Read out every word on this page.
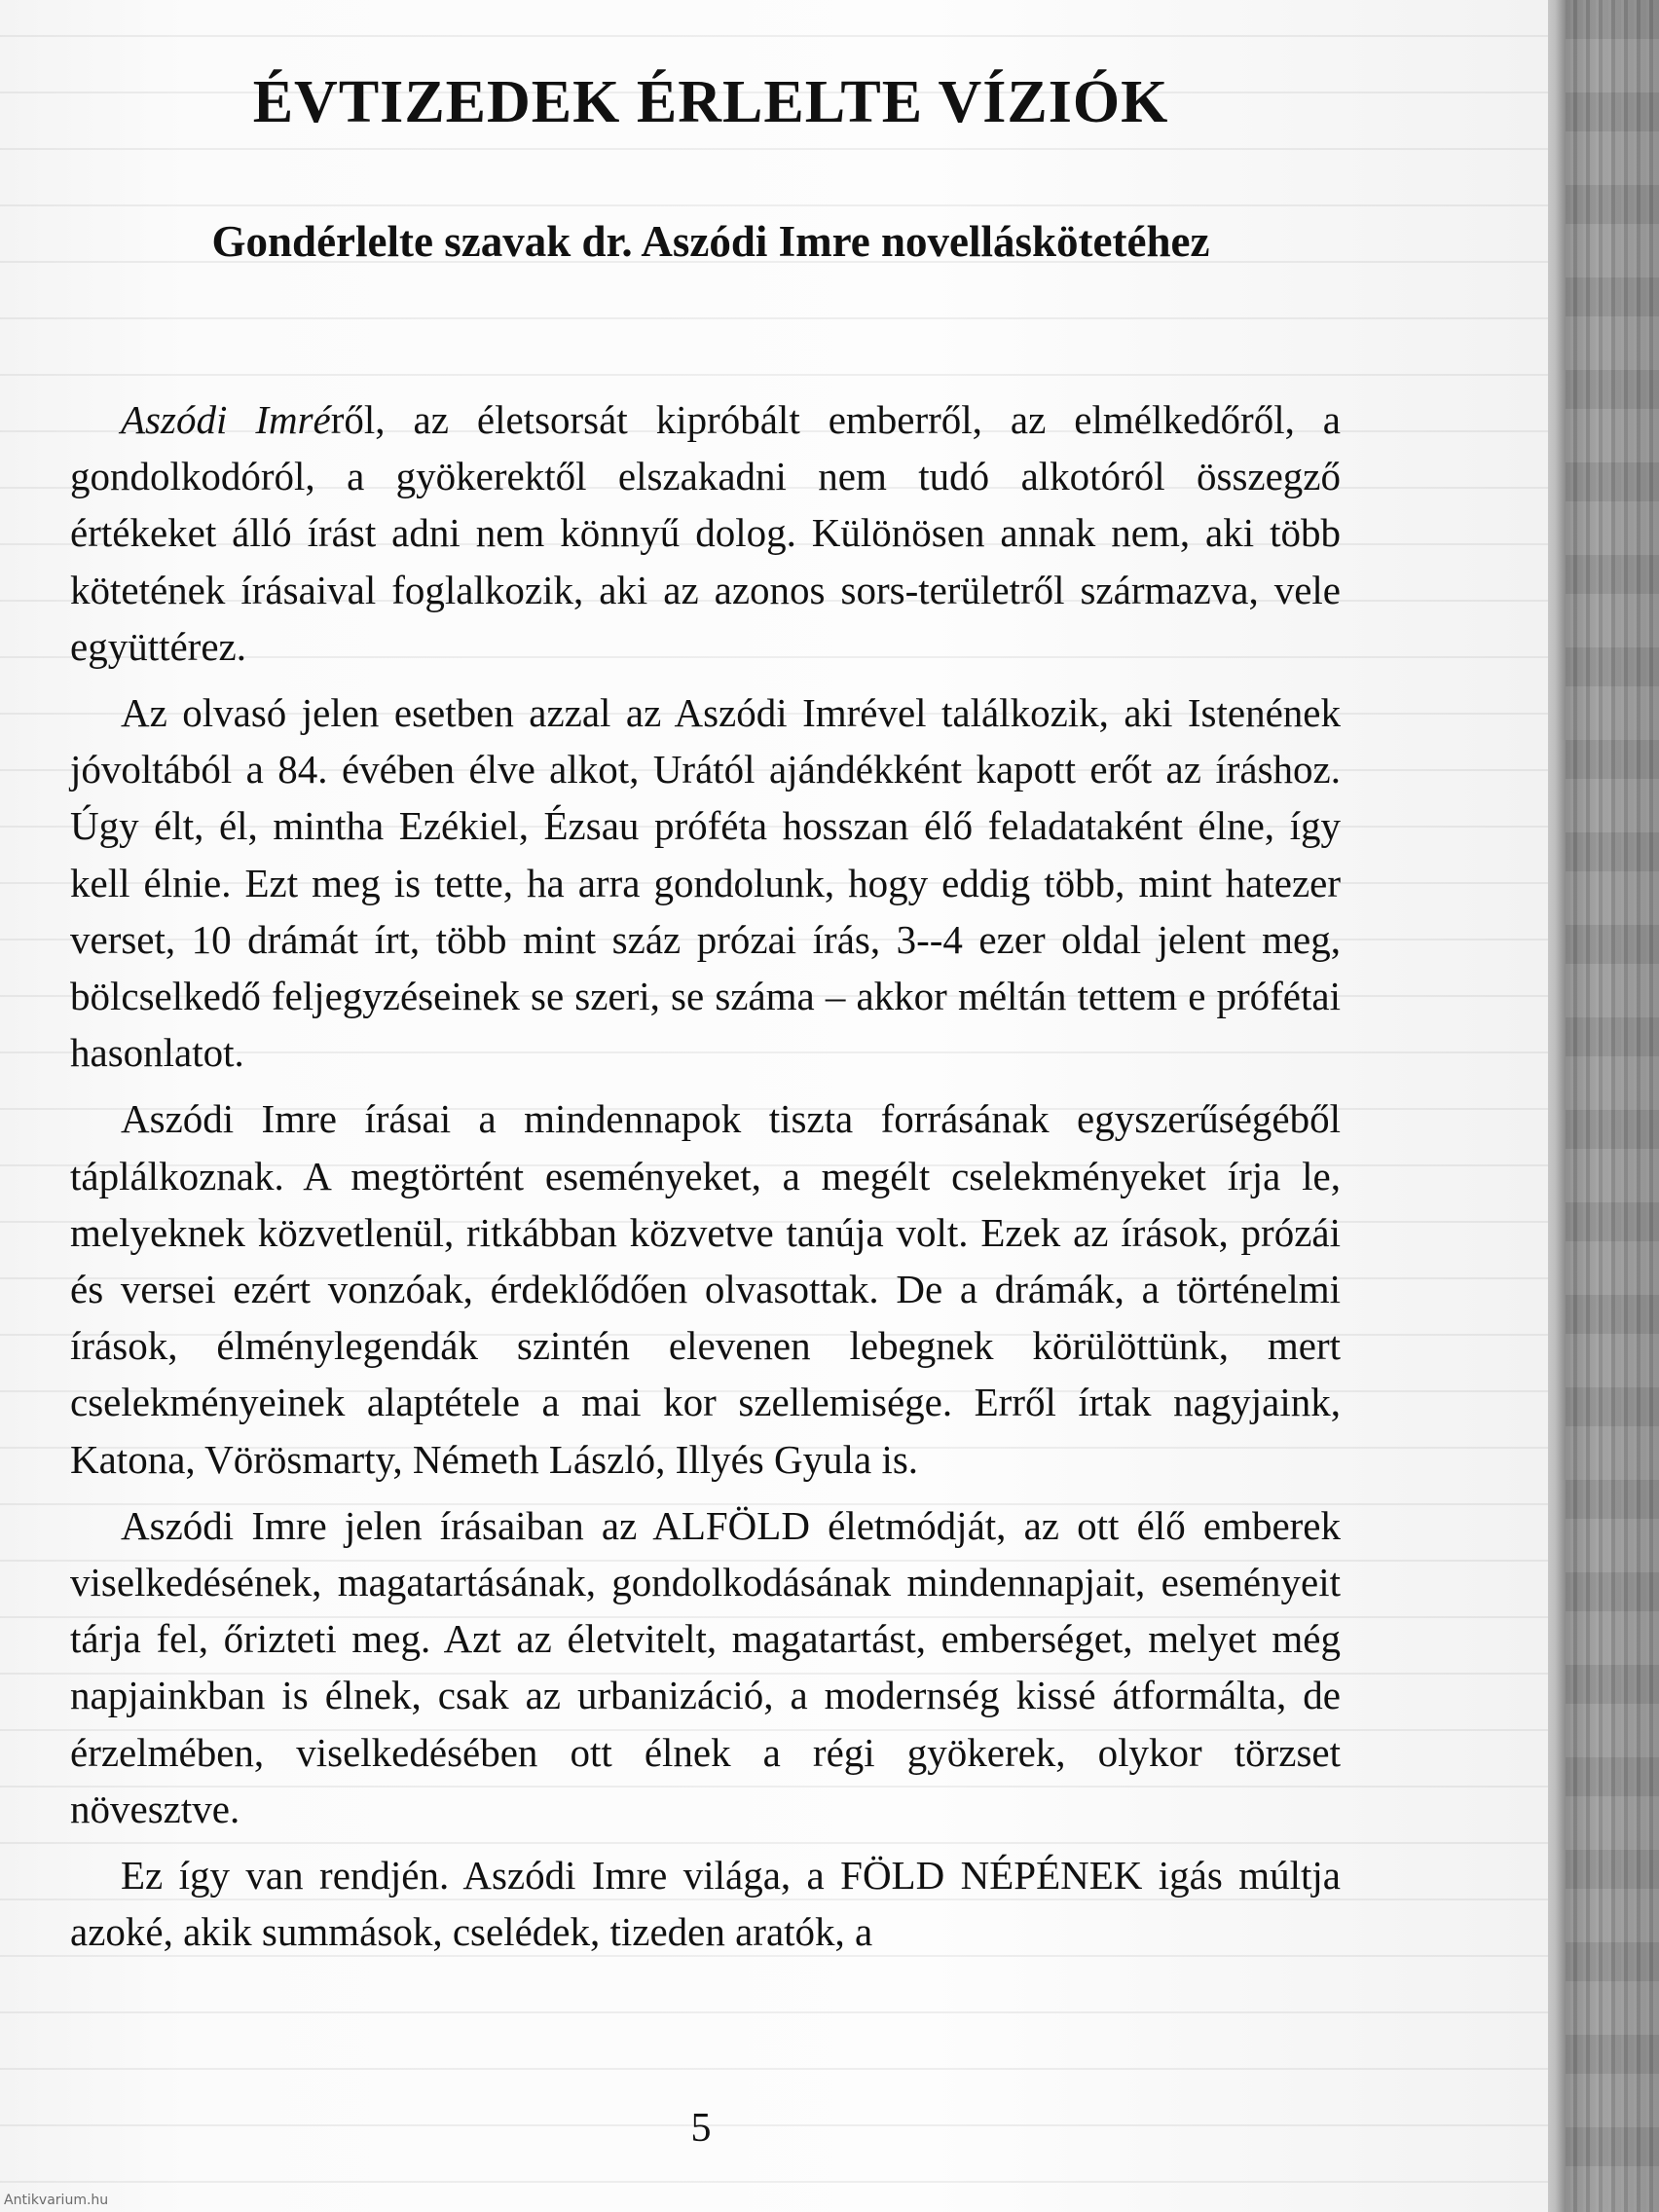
ÉVTIZEDEK ÉRLELTE VÍZIÓK
Gondérlelte szavak dr. Aszódi Imre novelláskötetéhez

Aszódi Imréről, az életsorsát kipróbált emberről, az elmélkedőről, a gondolkodóról, a gyökerektől elszakadni nem tudó alkotóról összegző értékeket álló írást adni nem könnyű dolog. Különösen annak nem, aki több kötetének írásaival foglalkozik, aki az azonos sors-területről származva, vele együttérez.

Az olvasó jelen esetben azzal az Aszódi Imrével találkozik, aki Istenének jóvoltából a 84. évében élve alkot, Urától ajándékként kapott erőt az íráshoz. Úgy élt, él, mintha Ezékiel, Ézsau próféta hosszan élő feladataként élne, így kell élnie. Ezt meg is tette, ha arra gondolunk, hogy eddig több, mint hatezer verset, 10 drámát írt, több mint száz prózai írás, 3--4 ezer oldal jelent meg, bölcselkedő feljegyzéseinek se szeri, se száma – akkor méltán tettem e prófétai hasonlatot.

Aszódi Imre írásai a mindennapok tiszta forrásának egyszerűségéből táplálkoznak. A megtörtént eseményeket, a megélt cselekményeket írja le, melyeknek közvetlenül, ritkábban közvetve tanúja volt. Ezek az írások, prózái és versei ezért vonzóak, érdeklődően olvasottak. De a drámák, a történelmi írások, élménylegendák szintén elevenen lebegnek körülöttünk, mert cselekményeinek alaptétele a mai kor szellemisége. Erről írtak nagyjaink, Katona, Vörösmarty, Németh László, Illyés Gyula is.

Aszódi Imre jelen írásaiban az ALFÖLD életmódját, az ott élő emberek viselkedésének, magatartásának, gondolkodásának mindennapjait, eseményeit tárja fel, őrizteti meg. Azt az életvitelt, magatartást, emberséget, melyet még napjainkban is élnek, csak az urbanizáció, a modernség kissé átformálta, de érzelmében, viselkedésében ott élnek a régi gyökerek, olykor törzset növesztve.

Ez így van rendjén. Aszódi Imre világa, a FÖLD NÉPÉNEK igás múltja azoké, akik summások, cselédek, tizeden aratók, a

5
Antikvarium.hu
